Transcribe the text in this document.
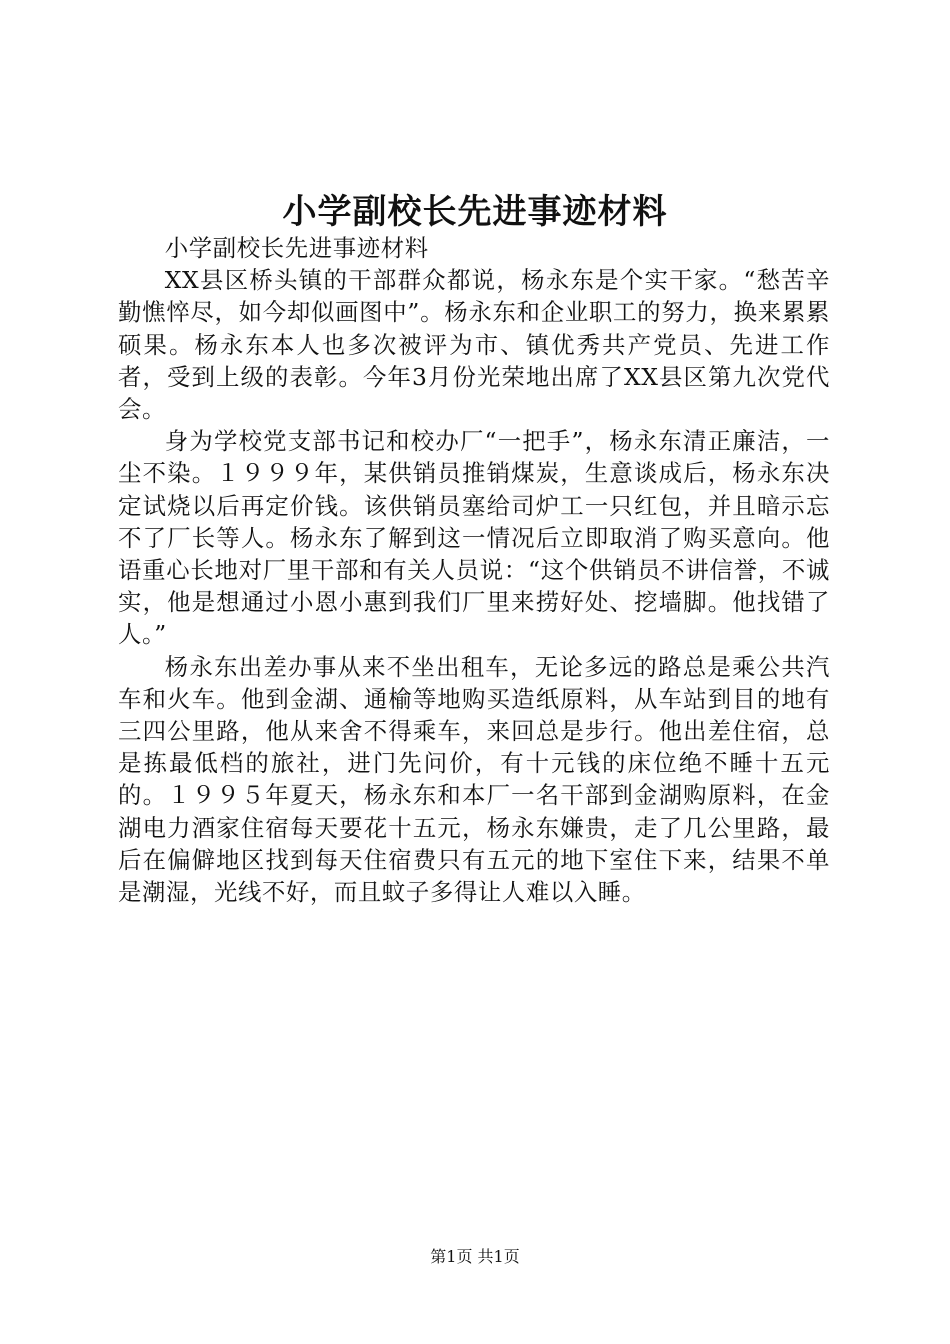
小学副校长先进事迹材料

小学副校长先进事迹材料

XX县区桥头镇的干部群众都说，杨永东是个实干家。“愁苦辛勤憔悴尽，如今却似画图中”。杨永东和企业职工的努力，换来累累硕果。杨永东本人也多次被评为市、镇优秀共产党员、先进工作者，受到上级的表彰。今年3月份光荣地出席了XX县区第九次党代会。

身为学校党支部书记和校办厂“一把手”，杨永东清正廉洁，一尘不染。１９９９年，某供销员推销煤炭，生意谈成后，杨永东决定试烧以后再定价钱。该供销员塞给司炉工一只红包，并且暗示忘不了厂长等人。杨永东了解到这一情况后立即取消了购买意向。他语重心长地对厂里干部和有关人员说：“这个供销员不讲信誉，不诚实，他是想通过小恩小惠到我们厂里来捞好处、挖墙脚。他找错了人。”

杨永东出差办事从来不坐出租车，无论多远的路总是乘公共汽车和火车。他到金湖、通榆等地购买造纸原料，从车站到目的地有三四公里路，他从来舍不得乘车，来回总是步行。他出差住宿，总是拣最低档的旅社，进门先问价，有十元钱的床位绝不睡十五元的。１９９５年夏天，杨永东和本厂一名干部到金湖购原料，在金湖电力酒家住宿每天要花十五元，杨永东嫌贵，走了几公里路，最后在偏僻地区找到每天住宿费只有五元的地下室住下来，结果不单是潮湿，光线不好，而且蚊子多得让人难以入睡。

第1页 共1页
